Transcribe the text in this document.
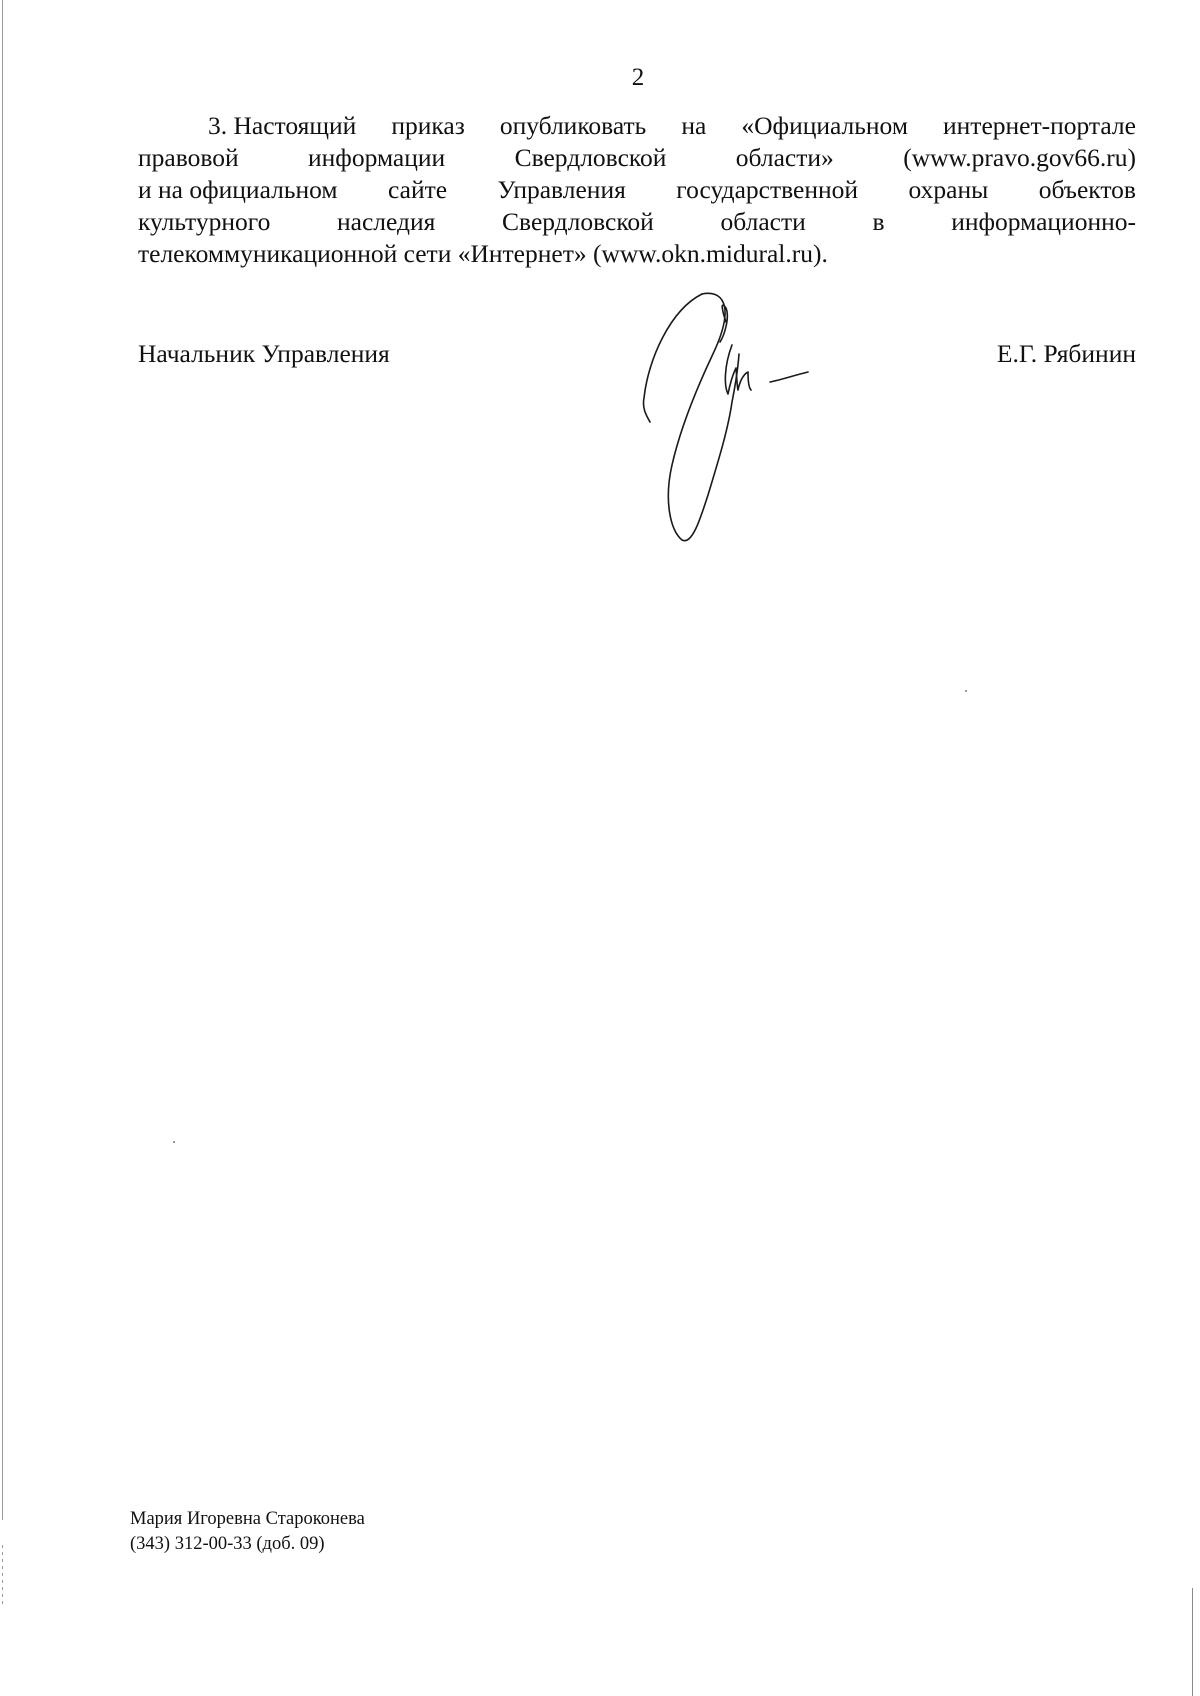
2
3. Настоящий приказ опубликовать на «Официальном интернет-портале
правовой	информации	Свердловской	области»	(www.pravo.gov66.ru)
и на официальном сайте Управления государственной охраны объектов
культурного	наследия	Свердловской	области	в	информационно-
телекоммуникационной сети «Интернет» (www.okn.midural.ru).
Начальник Управления	Е.Г. Рябинин
Мария Игоревна Староконева
(343) 312-00-33 (доб. 09)
